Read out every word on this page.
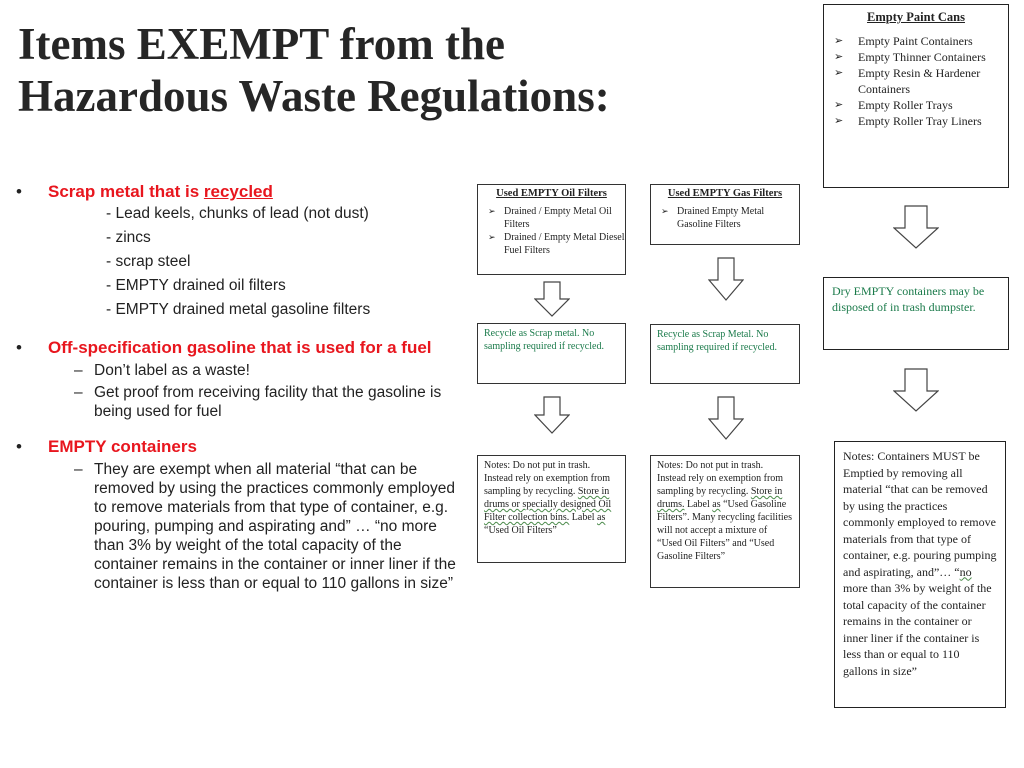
Items EXEMPT from the
Hazardous Waste Regulations:
• Scrap metal that is recycled
- Lead keels, chunks of lead (not dust)
- zincs
- scrap steel
- EMPTY drained oil filters
- EMPTY drained metal gasoline filters
• Off-specification gasoline that is used for a fuel
– Don’t label as a waste!
– Get proof from receiving facility that the gasoline is being used for fuel
• EMPTY containers
– They are exempt when all material “that can be removed by using the practices commonly employed to remove materials from that type of container, e.g. pouring, pumping and aspirating and” … “no more than 3% by weight of the total capacity of the container remains in the container or inner liner if the container is less than or equal to 110 gallons in size”
Used EMPTY Oil Filters
➢ Drained / Empty Metal Oil Filters
➢ Drained / Empty Metal Diesel Fuel Filters
Recycle as Scrap metal. No sampling required if recycled.
Notes: Do not put in trash. Instead rely on exemption from sampling by recycling. Store in drums or specially designed Oil Filter collection bins. Label as “Used Oil Filters”
Used EMPTY Gas Filters
➢ Drained Empty Metal Gasoline Filters
Recycle as Scrap Metal. No sampling required if recycled.
Notes: Do not put in trash. Instead rely on exemption from sampling by recycling. Store in drums. Label as “Used Gasoline Filters”. Many recycling facilities will not accept a mixture of “Used Oil Filters” and “Used Gasoline Filters”
Empty Paint Cans
➢ Empty Paint Containers
➢ Empty Thinner Containers
➢ Empty Resin & Hardener Containers
➢ Empty Roller Trays
➢ Empty Roller Tray Liners
Dry EMPTY containers may be disposed of in trash dumpster.
Notes: Containers MUST be Emptied by removing all material “that can be removed by using the practices commonly employed to remove materials from that type of container, e.g. pouring pumping and aspirating, and”… “no more than 3% by weight of the total capacity of the container remains in the container or inner liner if the container is less than or equal to 110 gallons in size”
